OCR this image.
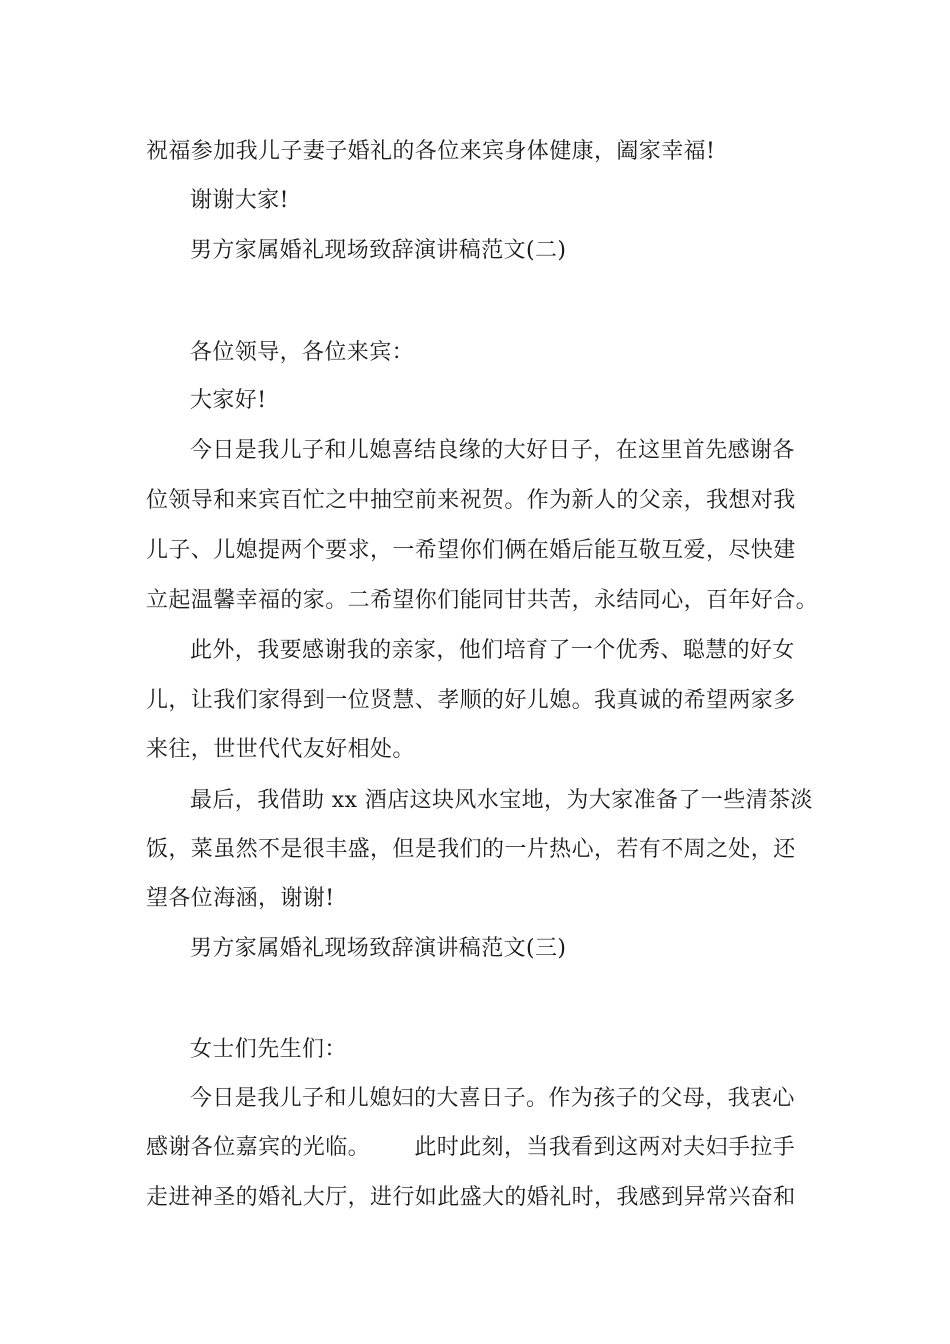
祝福参加我儿子妻子婚礼的各位来宾身体健康，阖家幸福!
谢谢大家!
男方家属婚礼现场致辞演讲稿范文(二)
各位领导，各位来宾：
大家好!
今日是我儿子和儿媳喜结良缘的大好日子，在这里首先感谢各
位领导和来宾百忙之中抽空前来祝贺。作为新人的父亲，我想对我
儿子、儿媳提两个要求，一希望你们俩在婚后能互敬互爱，尽快建
立起温馨幸福的家。二希望你们能同甘共苦，永结同心，百年好合。
此外，我要感谢我的亲家，他们培育了一个优秀、聪慧的好女
儿，让我们家得到一位贤慧、孝顺的好儿媳。我真诚的希望两家多
来往，世世代代友好相处。
最后，我借助 xx 酒店这块风水宝地，为大家准备了一些清茶淡
饭，菜虽然不是很丰盛，但是我们的一片热心，若有不周之处，还
望各位海涵，谢谢!
男方家属婚礼现场致辞演讲稿范文(三)
女士们先生们：
今日是我儿子和儿媳妇的大喜日子。作为孩子的父母，我衷心
感谢各位嘉宾的光临。      此时此刻，当我看到这两对夫妇手拉手
走进神圣的婚礼大厅，进行如此盛大的婚礼时，我感到异常兴奋和
